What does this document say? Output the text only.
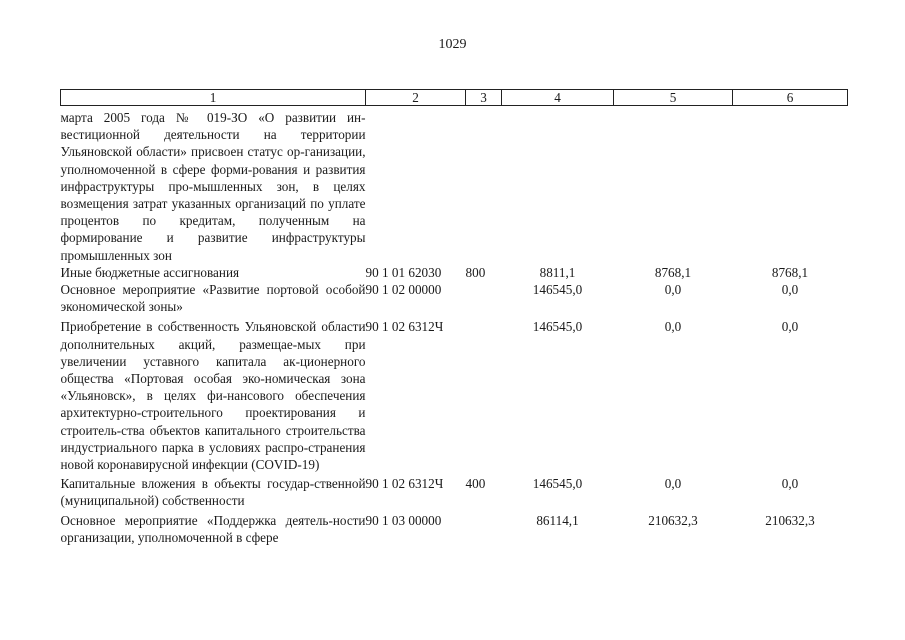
1029
1	2	3	4	5	6
марта 2005 года № 019-ЗО «О развитии ин-вестиционной деятельности на территории Ульяновской области» присвоен статус ор-ганизации, уполномоченной в сфере форми-рования и развития инфраструктуры про-мышленных зон, в целях возмещения затрат указанных организаций по уплате процентов по кредитам, полученным на формирование и развитие инфраструктуры промышленных зон					
Иные бюджетные ассигнования	90 1 01 62030	800	8811,1	8768,1	8768,1
Основное мероприятие «Развитие портовой особой экономической зоны»	90 1 02 00000		146545,0	0,0	0,0
Приобретение в собственность Ульяновской области дополнительных акций, размещае-мых при увеличении уставного капитала ак-ционерного общества «Портовая особая эко-номическая зона «Ульяновск», в целях фи-нансового обеспечения архитектурно-строительного проектирования и строитель-ства объектов капитального строительства индустриального парка в условиях распро-странения новой коронавирусной инфекции (COVID-19)	90 1 02 6312Ч		146545,0	0,0	0,0
Капитальные вложения в объекты государ-ственной (муниципальной) собственности	90 1 02 6312Ч	400	146545,0	0,0	0,0
Основное мероприятие «Поддержка деятель-ности организации, уполномоченной в сфере	90 1 03 00000		86114,1	210632,3	210632,3
